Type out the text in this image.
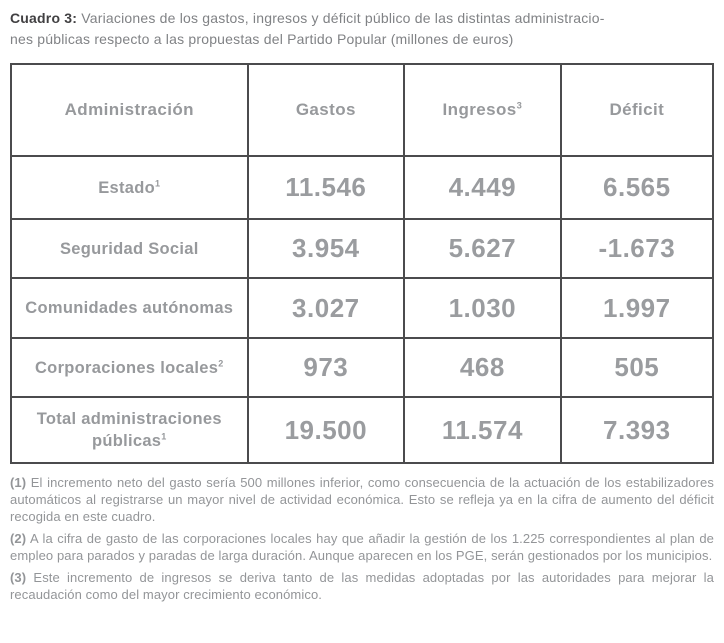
Cuadro 3: Variaciones de los gastos, ingresos y déficit público de las distintas administracio-
nes públicas respecto a las propuestas del Partido Popular (millones de euros)

Administración	Gastos	Ingresos$^3$	Déficit
Estado$^1$	11.546	4.449	6.565
Seguridad Social	3.954	5.627	-1.673
Comunidades autónomas	3.027	1.030	1.997
Corporaciones locales$^2$	973	468	505
Total administraciones públicas$^1$	19.500	11.574	7.393

(1) El incremento neto del gasto sería 500 millones inferior, como consecuencia de la actuación de los estabilizadores automáticos al registrarse un mayor nivel de actividad económica. Esto se refleja ya en la cifra de aumento del déficit recogida en este cuadro.

(2) A la cifra de gasto de las corporaciones locales hay que añadir la gestión de los 1.225 correspondientes al plan de empleo para parados y paradas de larga duración. Aunque aparecen en los PGE, serán gestionados por los municipios.

(3) Este incremento de ingresos se deriva tanto de las medidas adoptadas por las autoridades para mejorar la recaudación como del mayor crecimiento económico.
